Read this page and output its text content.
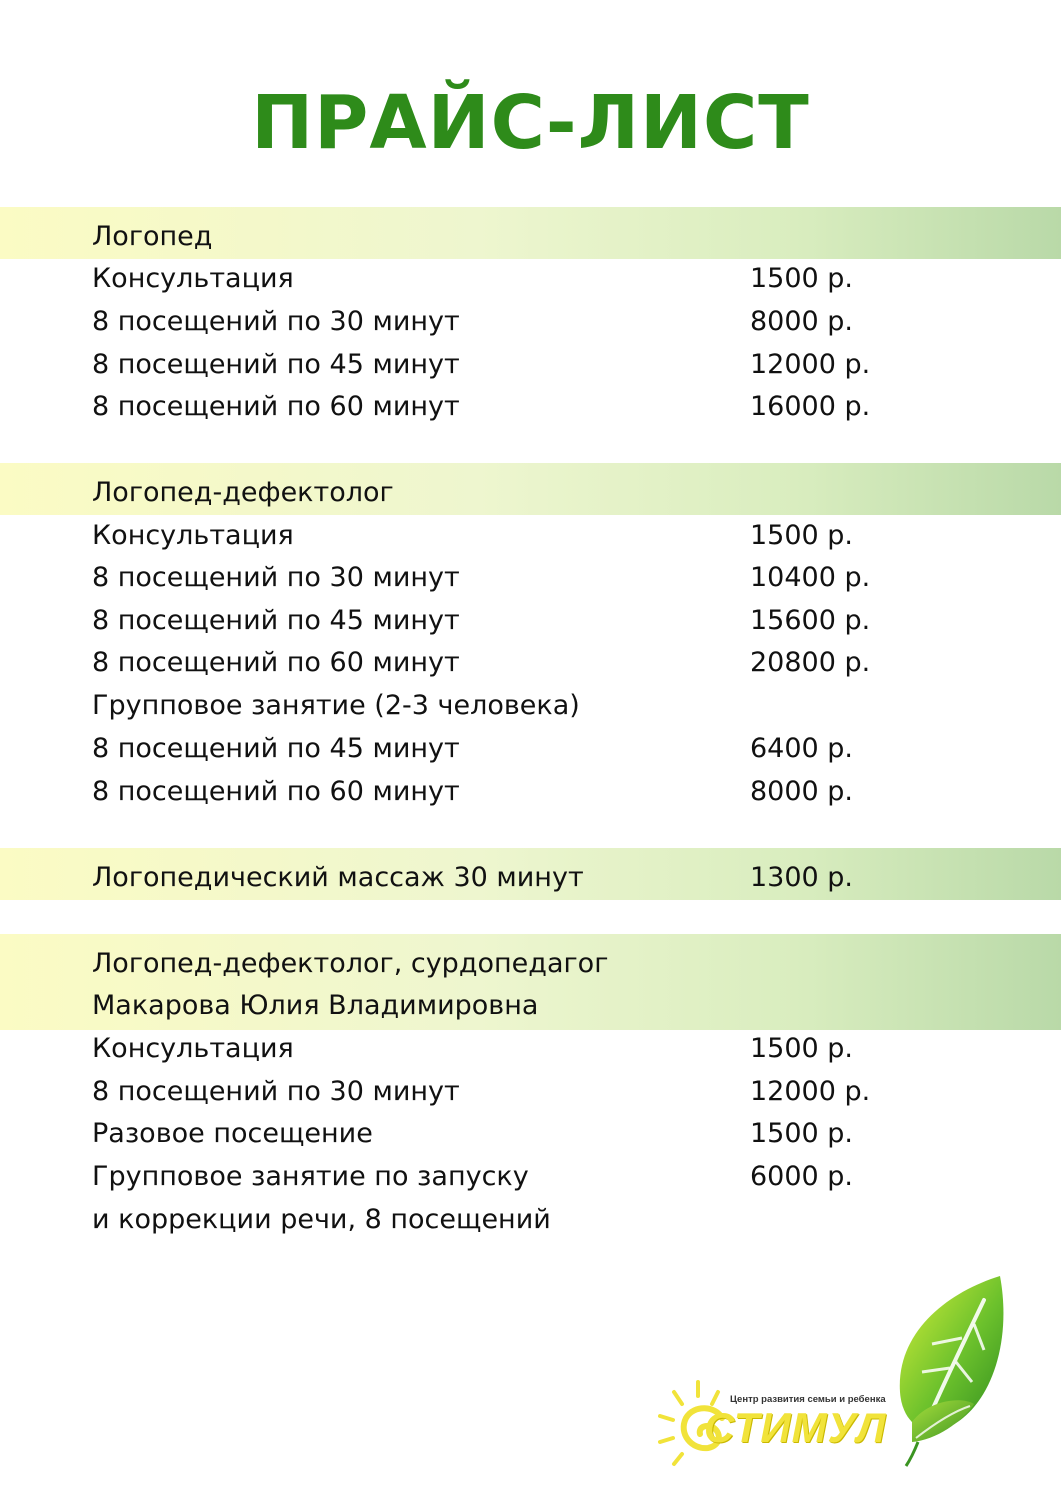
ПРАЙС-ЛИСТ
Логопед
Консультация	1500 р.
8 посещений по 30 минут	8000 р.
8 посещений по 45 минут	12000 р.
8 посещений по 60 минут	16000 р.
Логопед-дефектолог
Консультация	1500 р.
8 посещений по 30 минут	10400 р.
8 посещений по 45 минут	15600 р.
8 посещений по 60 минут	20800 р.
Групповое занятие (2-3 человека)
8 посещений по 45 минут	6400 р.
8 посещений по 60 минут	8000 р.
Логопедический массаж 30 минут	1300 р.
Логопед-дефектолог, сурдопедагог
Макарова Юлия Владимировна
Консультация	1500 р.
8 посещений по 30 минут	12000 р.
Разовое посещение	1500 р.
Групповое занятие по запуску	6000 р.
и коррекции речи, 8 посещений
Центр развития семьи и ребенка
СТИМУЛ
